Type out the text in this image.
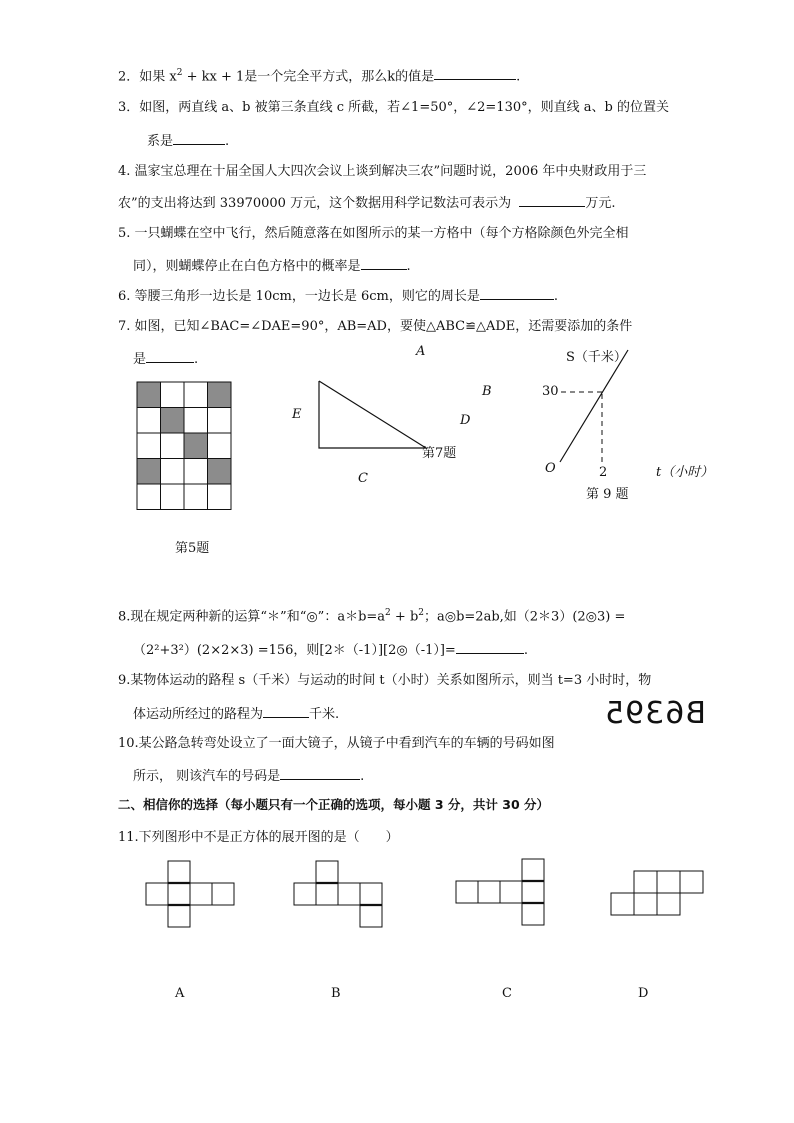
2．如果 $x^2$ + kx + 1是一个完全平方式，那么k的值是	.
3．如图，两直线 a、b 被第三条直线 c 所截，若∠1=50°，∠2=130°，则直线 a、b 的位置关
系是	.
4. 温家宝总理在十届全国人大四次会议上谈到解决三农”问题时说，2006 年中央财政用于三
农”的支出将达到 33970000 万元，这个数据用科学记数法可表示为	万元.
5. 一只蝴蝶在空中飞行，然后随意落在如图所示的某一方格中（每个方格除颜色外完全相
同），则蝴蝶停止在白色方格中的概率是	.
6. 等腰三角形一边长是 10cm，一边长是 6cm，则它的周长是	.
7. 如图，已知∠BAC=∠DAE=90°，AB=AD，要使△ABC≌△ADE，还需要添加的条件
是	.
第5题
A
B
E	D
第7题
C
S（千米）
30
O	2	t（小时）
第 9 题
8.现在规定两种新的运算“＊”和“◎”：$a*b=a^2 + b^2$；a◎b=2ab,如（2＊3）(2◎3) =
（2²+3²）(2×2×3) =156，则[2＊（-1）][2◎（-1）]=	.
9.某物体运动的路程 s（千米）与运动的时间 t（小时）关系如图所示，则当 t=3 小时时，物
体运动所经过的路程为	千米.	B6395
10.某公路急转弯处设立了一面大镜子，从镜子中看到汽车的车辆的号码如图
所示， 则该汽车的号码是	.
二、相信你的选择（每小题只有一个正确的选项，每小题 3 分，共计 30 分）
11.下列图形中不是正方体的展开图的是（　　）
A	B	C	D
